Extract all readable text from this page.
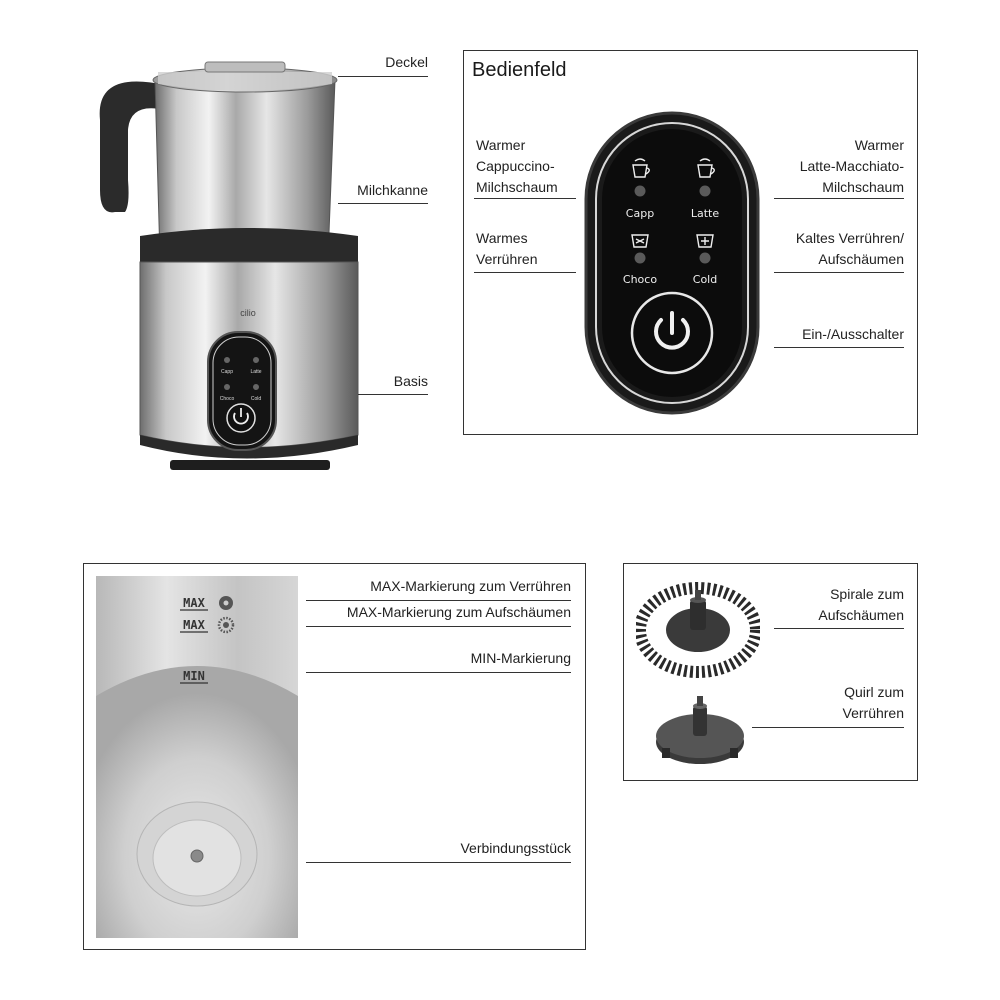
cilio
Capp	Latte
Choco	Cold
Deckel
Milchkanne
Basis
Bedienfeld
Capp	Latte
Choco	Cold
Warmer
Cappuccino-
Milchschaum
Warmes
Verrühren
Warmer
Latte-Macchiato-
Milchschaum
Kaltes Verrühren/
Aufschäumen
Ein-/Ausschalter
MAX
MAX
MIN
MAX-Markierung zum Verrühren
MAX-Markierung zum Aufschäumen
MIN-Markierung
Verbindungsstück
Spirale zum
Aufschäumen
Quirl zum
Verrühren
